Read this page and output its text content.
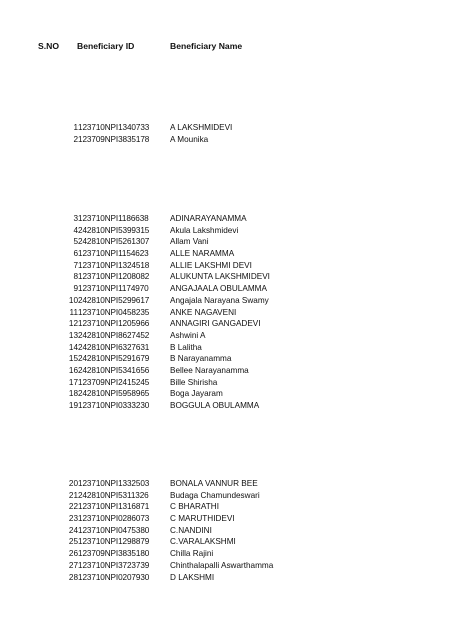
S.NO Beneficiary ID	Beneficiary Name
1 123710NPI1340733	A LAKSHMIDEVI
2 123709NPI3835178	A Mounika
3 123710NPI1186638	ADINARAYANAMMA
4 242810NPI5399315	Akula Lakshmidevi
5 242810NPI5261307	Allam Vani
6 123710NPI1154623	ALLE NARAMMA
7 123710NPI1324518	ALLIE LAKSHMI DEVI
8 123710NPI1208082	ALUKUNTA LAKSHMIDEVI
9 123710NPI1174970	ANGAJAALA OBULAMMA
10 242810NPI5299617	Angajala Narayana Swamy
11 123710NPI0458235	ANKE NAGAVENI
12 123710NPI1205966	ANNAGIRI GANGADEVI
13 242810NPI8627452	Ashwini A
14 242810NPI6327631	B Lalitha
15 242810NPI5291679	B Narayanamma
16 242810NPI5341656	Bellee Narayanamma
17 123709NPI2415245	Bille Shirisha
18 242810NPI5958965	Boga Jayaram
19 123710NPI0333230	BOGGULA OBULAMMA
20 123710NPI1332503	BONALA VANNUR BEE
21 242810NPI5311326	Budaga Chamundeswari
22 123710NPI1316871	C BHARATHI
23 123710NPI0286073	C MARUTHIDEVI
24 123710NPI0475380	C.NANDINI
25 123710NPI1298879	C.VARALAKSHMI
26 123709NPI3835180	Chilla Rajini
27 123710NPI3723739	Chinthalapalli Aswarthamma
28 123710NPI0207930	D LAKSHMI
